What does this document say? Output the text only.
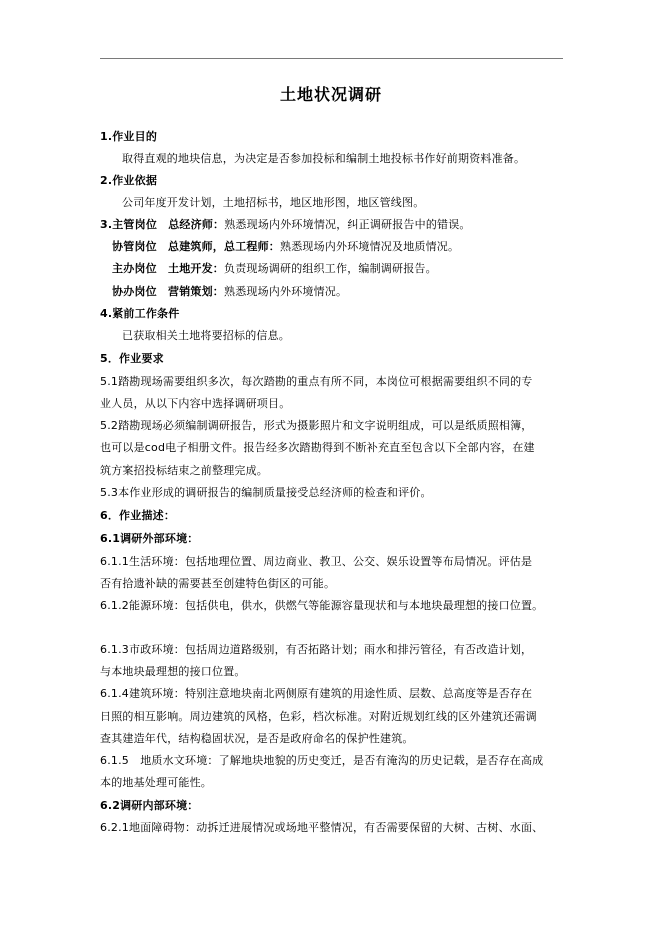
土地状况调研
1.作业目的
取得直观的地块信息，为决定是否参加投标和编制土地投标书作好前期资料准备。
2.作业依据
公司年度开发计划，土地招标书，地区地形图，地区管线图。
3.主管岗位　总经济师：熟悉现场内外环境情况，纠正调研报告中的错误。
协管岗位　总建筑师，总工程师：熟悉现场内外环境情况及地质情况。
主办岗位　土地开发：负责现场调研的组织工作，编制调研报告。
协办岗位　营销策划：熟悉现场内外环境情况。
4.紧前工作条件
已获取相关土地将要招标的信息。
5．作业要求
5.1踏勘现场需要组织多次，每次踏勘的重点有所不同，本岗位可根据需要组织不同的专
业人员，从以下内容中选择调研项目。
5.2踏勘现场必须编制调研报告，形式为摄影照片和文字说明组成，可以是纸质照相簿，
也可以是cod电子相册文件。报告经多次踏勘得到不断补充直至包含以下全部内容，在建
筑方案招投标结束之前整理完成。
5.3本作业形成的调研报告的编制质量接受总经济师的检查和评价。
6．作业描述：
6.1调研外部环境：
6.1.1生活环境：包括地理位置、周边商业、教卫、公交、娱乐设置等布局情况。评估是
否有拾遗补缺的需要甚至创建特色街区的可能。
6.1.2能源环境：包括供电，供水，供燃气等能源容量现状和与本地块最理想的接口位置。
6.1.3市政环境：包括周边道路级别，有否拓路计划；雨水和排污管径，有否改造计划，
与本地块最理想的接口位置。
6.1.4建筑环境：特别注意地块南北两侧原有建筑的用途性质、层数、总高度等是否存在
日照的相互影响。周边建筑的风格，色彩，档次标准。对附近规划红线的区外建筑还需调
查其建造年代，结构稳固状况，是否是政府命名的保护性建筑。
6.1.5　地质水文环境：了解地块地貌的历史变迁，是否有淹沟的历史记载，是否存在高成
本的地基处理可能性。
6.2调研内部环境：
6.2.1地面障碍物：动拆迁进展情况或场地平整情况，有否需要保留的大树、古树、水面、
